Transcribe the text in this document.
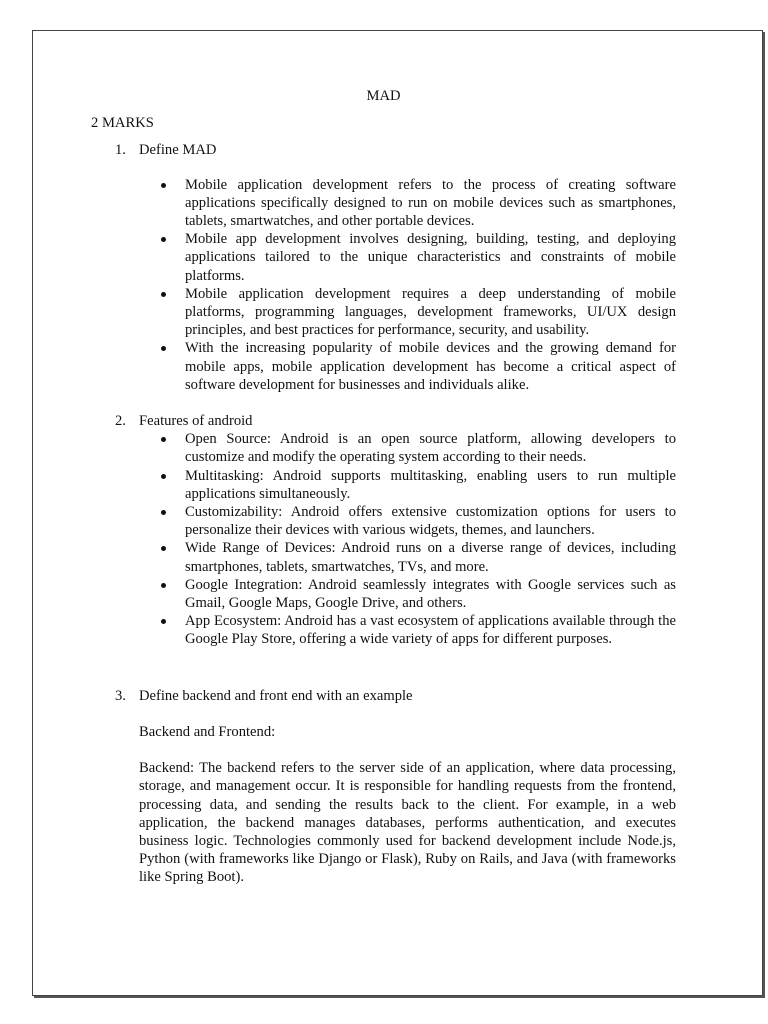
MAD
2 MARKS
1. Define MAD
Mobile application development refers to the process of creating software applications specifically designed to run on mobile devices such as smartphones, tablets, smartwatches, and other portable devices.
Mobile app development involves designing, building, testing, and deploying applications tailored to the unique characteristics and constraints of mobile platforms.
Mobile application development requires a deep understanding of mobile platforms, programming languages, development frameworks, UI/UX design principles, and best practices for performance, security, and usability.
With the increasing popularity of mobile devices and the growing demand for mobile apps, mobile application development has become a critical aspect of software development for businesses and individuals alike.
2. Features of android
Open Source: Android is an open source platform, allowing developers to customize and modify the operating system according to their needs.
Multitasking: Android supports multitasking, enabling users to run multiple applications simultaneously.
Customizability: Android offers extensive customization options for users to personalize their devices with various widgets, themes, and launchers.
Wide Range of Devices: Android runs on a diverse range of devices, including smartphones, tablets, smartwatches, TVs, and more.
Google Integration: Android seamlessly integrates with Google services such as Gmail, Google Maps, Google Drive, and others.
App Ecosystem: Android has a vast ecosystem of applications available through the Google Play Store, offering a wide variety of apps for different purposes.
3. Define backend and front end with an example
Backend and Frontend:
Backend: The backend refers to the server side of an application, where data processing, storage, and management occur. It is responsible for handling requests from the frontend, processing data, and sending the results back to the client. For example, in a web application, the backend manages databases, performs authentication, and executes business logic. Technologies commonly used for backend development include Node.js, Python (with frameworks like Django or Flask), Ruby on Rails, and Java (with frameworks like Spring Boot).
